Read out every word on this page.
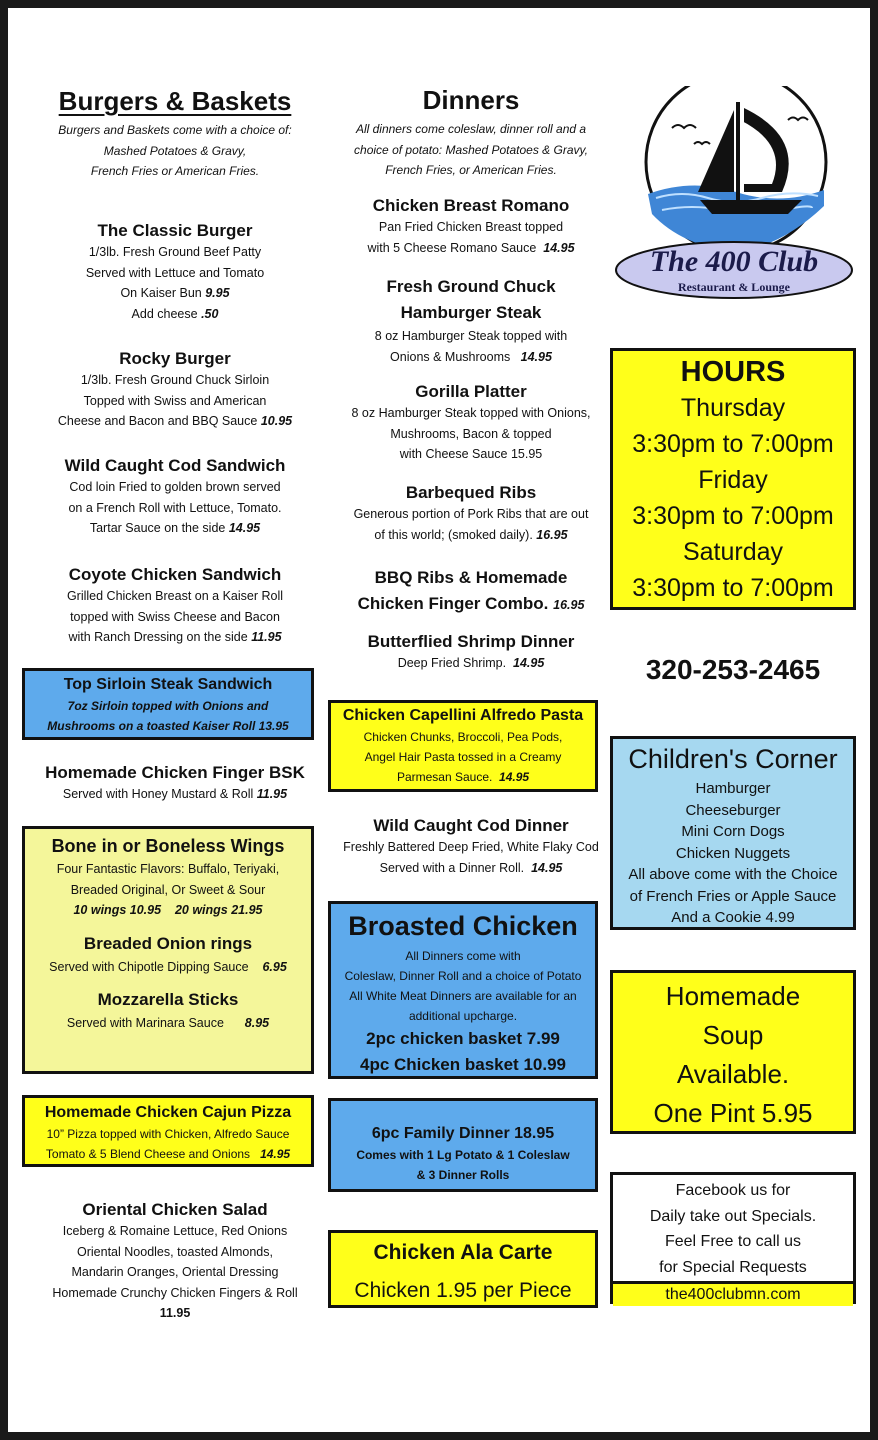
Burgers & Baskets
Burgers and Baskets come with a choice of:
Mashed Potatoes & Gravy,
French Fries or American Fries.
The Classic Burger
1/3lb. Fresh Ground Beef Patty
Served with Lettuce and Tomato
On Kaiser Bun 9.95
Add cheese .50
Rocky Burger
1/3lb. Fresh Ground Chuck Sirloin
Topped with Swiss and American
Cheese and Bacon and BBQ Sauce 10.95
Wild Caught Cod Sandwich
Cod loin Fried to golden brown served
on a French Roll with Lettuce, Tomato.
Tartar Sauce on the side 14.95
Coyote Chicken Sandwich
Grilled Chicken Breast on a Kaiser Roll
topped with Swiss Cheese and Bacon
with Ranch Dressing on the side 11.95
Top Sirloin Steak Sandwich
7oz Sirloin topped with Onions and
Mushrooms on a toasted Kaiser Roll 13.95
Homemade Chicken Finger BSK
Served with Honey Mustard & Roll 11.95
Bone in or Boneless Wings
Four Fantastic Flavors: Buffalo, Teriyaki,
Breaded Original, Or Sweet & Sour
10 wings 10.95 20 wings 21.95
Breaded Onion rings
Served with Chipotle Dipping Sauce 6.95
Mozzarella Sticks
Served with Marinara Sauce 8.95
Homemade Chicken Cajun Pizza
10” Pizza topped with Chicken, Alfredo Sauce
Tomato & 5 Blend Cheese and Onions 14.95
Oriental Chicken Salad
Iceberg & Romaine Lettuce, Red Onions
Oriental Noodles, toasted Almonds,
Mandarin Oranges, Oriental Dressing
Homemade Crunchy Chicken Fingers & Roll
11.95
Dinners
All dinners come coleslaw, dinner roll and a
choice of potato: Mashed Potatoes & Gravy,
French Fries, or American Fries.
Chicken Breast Romano
Pan Fried Chicken Breast topped
with 5 Cheese Romano Sauce 14.95
Fresh Ground Chuck
Hamburger Steak
8 oz Hamburger Steak topped with
Onions & Mushrooms 14.95
Gorilla Platter
8 oz Hamburger Steak topped with Onions,
Mushrooms, Bacon & topped
with Cheese Sauce 15.95
Barbequed Ribs
Generous portion of Pork Ribs that are out
of this world; (smoked daily). 16.95
BBQ Ribs & Homemade
Chicken Finger Combo. 16.95
Butterflied Shrimp Dinner
Deep Fried Shrimp. 14.95
Chicken Capellini Alfredo Pasta
Chicken Chunks, Broccoli, Pea Pods,
Angel Hair Pasta tossed in a Creamy
Parmesan Sauce. 14.95
Wild Caught Cod Dinner
Freshly Battered Deep Fried, White Flaky Cod
Served with a Dinner Roll. 14.95
Broasted Chicken
All Dinners come with
Coleslaw, Dinner Roll and a choice of Potato
All White Meat Dinners are available for an
additional upcharge.
2pc chicken basket 7.99
4pc Chicken basket 10.99
6pc Family Dinner 18.95
Comes with 1 Lg Potato & 1 Coleslaw
& 3 Dinner Rolls
Chicken Ala Carte
Chicken 1.95 per Piece
The 400 Club
Restaurant & Lounge
HOURS
Thursday
3:30pm to 7:00pm
Friday
3:30pm to 7:00pm
Saturday
3:30pm to 7:00pm
320-253-2465
Children's Corner
Hamburger
Cheeseburger
Mini Corn Dogs
Chicken Nuggets
All above come with the Choice
of French Fries or Apple Sauce
And a Cookie 4.99
Homemade
Soup
Available.
One Pint 5.95
Facebook us for
Daily take out Specials.
Feel Free to call us
for Special Requests
the400clubmn.com
